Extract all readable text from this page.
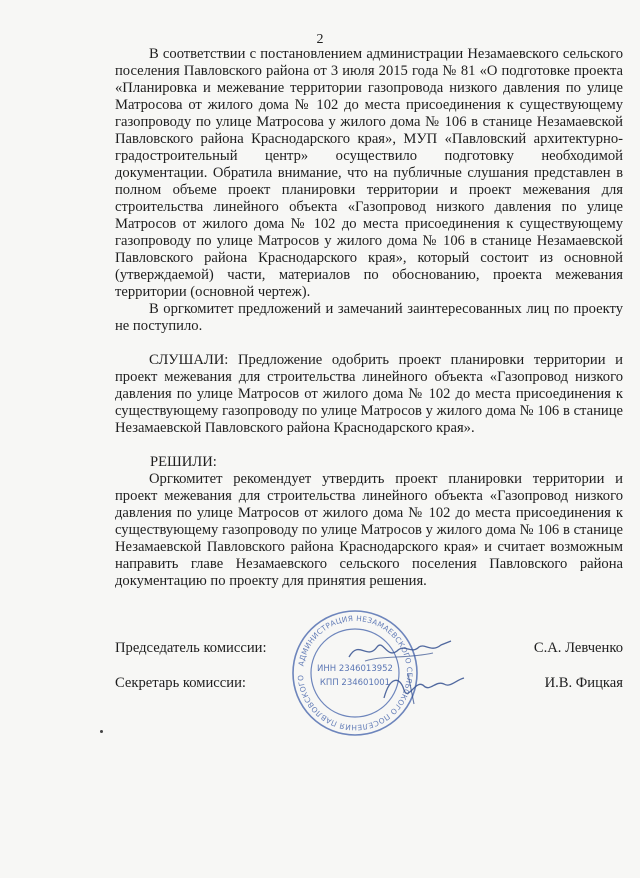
2

В соответствии с постановлением администрации Незамаевского сельского поселения Павловского района от 3 июля 2015 года № 81 «О подготовке проекта «Планировка и межевание территории газопровода низкого давления по улице Матросова от жилого дома № 102 до места присоединения к существующему газопроводу по улице Матросова у жилого дома № 106 в станице Незамаевской Павловского района Краснодарского края», МУП «Павловский архитектурно-градостроительный центр» осуществило подготовку необходимой документации. Обратила внимание, что на публичные слушания представлен в полном объеме проект планировки территории и проект межевания для строительства линейного объекта «Газопровод низкого давления по улице Матросов от жилого дома № 102 до места присоединения к существующему газопроводу по улице Матросов у жилого дома № 106 в станице Незамаевской Павловского района Краснодарского края», который состоит из основной (утверждаемой) части, материалов по обоснованию, проекта межевания территории (основной чертеж).

В оргкомитет предложений и замечаний заинтересованных лиц по проекту не поступило.

СЛУШАЛИ: Предложение одобрить проект планировки территории и проект межевания для строительства линейного объекта «Газопровод низкого давления по улице Матросов от жилого дома № 102 до места присоединения к существующему газопроводу по улице Матросов у жилого дома № 106 в станице Незамаевской Павловского района Краснодарского края».

РЕШИЛИ:

Оргкомитет рекомендует утвердить проект планировки территории и проект межевания для строительства линейного объекта «Газопровод низкого давления по улице Матросов от жилого дома № 102 до места присоединения к существующему газопроводу по улице Матросов у жилого дома № 106 в станице Незамаевской Павловского района Краснодарского края» и считает возможным направить главе Незамаевского сельского поселения Павловского района документацию по проекту для принятия решения.

Председатель комиссии:	С.А. Левченко
Секретарь комиссии:	И.В. Фицкая
АДМИНИСТРАЦИЯ НЕЗАМАЕВСКОГО СЕЛЬСКОГО ПОСЕЛЕНИЯ ПАВЛОВСКОГО
ИНН 2346013952
КПП 234601001
